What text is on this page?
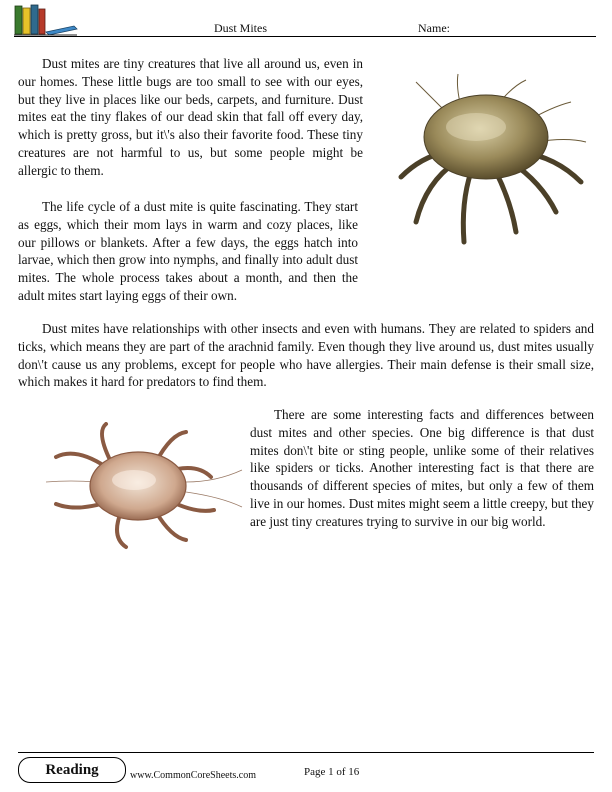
Dust Mites	Name:

Dust mites are tiny creatures that live all around us, even in our homes. These little bugs are too small to see with our eyes, but they live in places like our beds, carpets, and furniture. Dust mites eat the tiny flakes of our dead skin that fall off every day, which is pretty gross, but it\'s also their favorite food. These tiny creatures are not harmful to us, but some people might be allergic to them.

The life cycle of a dust mite is quite fascinating. They start as eggs, which their mom lays in warm and cozy places, like our pillows or blankets. After a few days, the eggs hatch into larvae, which then grow into nymphs, and finally into adult dust mites. The whole process takes about a month, and then the adult mites start laying eggs of their own.

Dust mites have relationships with other insects and even with humans. They are related to spiders and ticks, which means they are part of the arachnid family. Even though they live around us, dust mites usually don\'t cause us any problems, except for people who have allergies. Their main defense is their small size, which makes it hard for predators to find them.

There are some interesting facts and differences between dust mites and other species. One big difference is that dust mites don\'t bite or sting people, unlike some of their relatives like spiders or ticks. Another interesting fact is that there are thousands of different species of mites, but only a few of them live in our homes. Dust mites might seem a little creepy, but they are just tiny creatures trying to survive in our big world.

Reading	www.CommonCoreSheets.com	Page 1 of 16
